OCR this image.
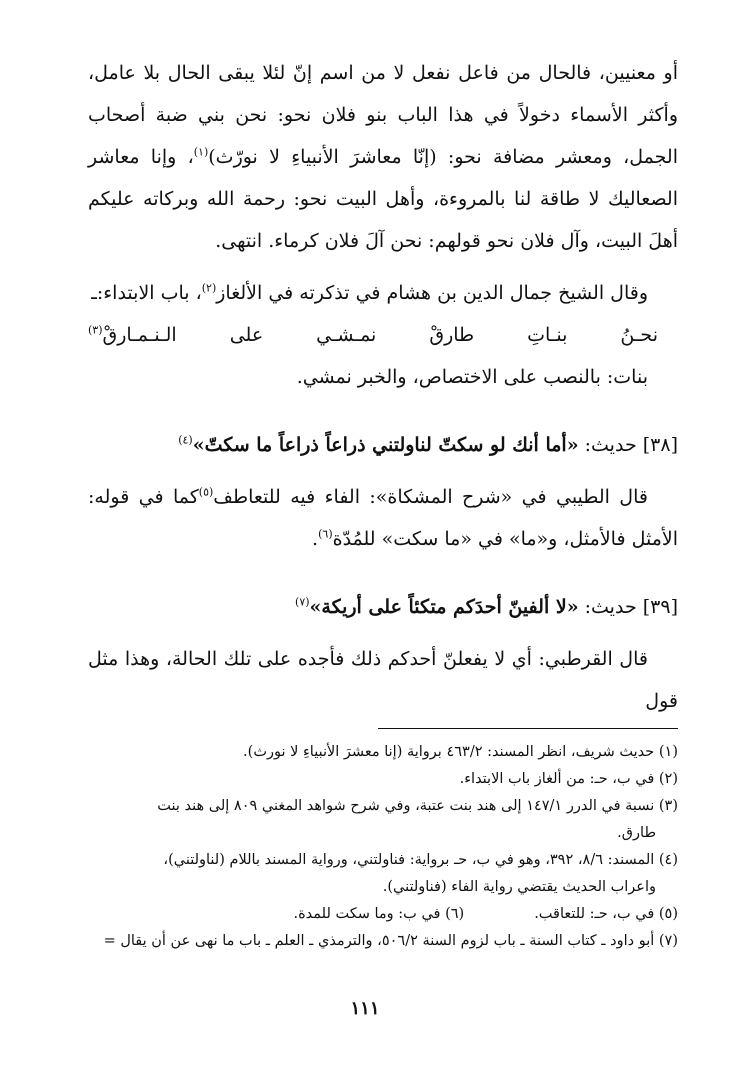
أو معنيين، فالحال من فاعل نفعل لا من اسم إنّ لئلا يبقى الحال بلا عامل، وأكثر الأسماء دخولاً في هذا الباب بنو فلان نحو: نحن بني ضبة أصحاب الجمل، ومعشر مضافة نحو: (إنّا معاشرَ الأنبياءِ لا نورّث)$^{(١)}$، وإنا معاشر الصعاليك لا طاقة لنا بالمروءة، وأهل البيت نحو: رحمة الله وبركاته عليكم أهلَ البيت، وآل فلان نحو قولهم: نحن آلَ فلان كرماء. انتهى.

وقال الشيخ جمال الدين بن هشام في تذكرته في الألغاز$^{(٢)}$، باب الابتداء:ـ

نحـنُ
بنـاتِ
طارقْ
نمـشـي
على
الـنـمـارقْ$^{(٣)}$

بنات: بالنصب على الاختصاص، والخبر نمشي.

[٣٨] حديث: «أما أنك لو سكتّ لناولتني ذراعاً ذراعاً ما سكتّ»$^{(٤)}$

قال الطيبي في «شرح المشكاة»: الفاء فيه للتعاطف$^{(٥)}$كما في قوله: الأمثل فالأمثل، و«ما» في «ما سكت» للمُدّة$^{(٦)}$.

[٣٩] حديث: «لا ألفينّ أحدَكم متكئاً على أريكة»$^{(٧)}$

قال القرطبي: أي لا يفعلنّ أحدكم ذلك فأجده على تلك الحالة، وهذا مثل قول

(١) حديث شريف، انظر المسند: ٤٦٣/٢ برواية (إنا معشرَ الأنبياءِ لا نورث).

(٢) في ب، حـ: من ألغاز باب الابتداء.

(٣) نسبة في الدرر ١٤٧/١ إلى هند بنت عتبة، وفي شرح شواهد المغني ٨٠٩ إلى هند بنت

طارق.

(٤) المسند: ٨/٦، ٣٩٢، وهو في ب، حـ برواية: فناولتني، ورواية المسند باللام (لناولتني)،

واعراب الحديث يقتضي رواية الفاء (فناولتني).

(٥) في ب، حـ: للتعاقب.
(٦) في ب: وما سكت للمدة.

(٧) أبو داود ـ كتاب السنة ـ باب لزوم السنة ٥٠٦/٢، والترمذي ـ العلم ـ باب ما نهى عن أن يقال =

١١١
